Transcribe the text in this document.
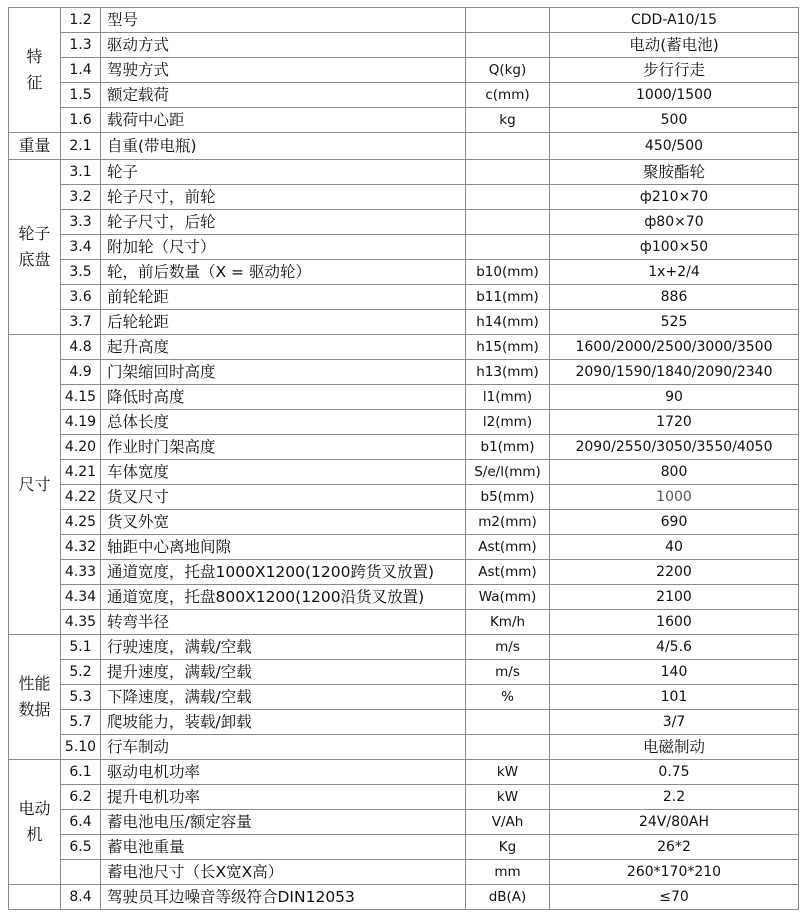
特
征	1.2	型号		CDD-A10/15
	1.3	驱动方式		电动(蓄电池)
	1.4	驾驶方式	Q(kg)	步行行走
	1.5	额定载荷	c(mm)	1000/1500
	1.6	载荷中心距	kg	500
重量	2.1	自重(带电瓶)		450/500
轮子
底盘	3.1	轮子		聚胺酯轮
	3.2	轮子尺寸，前轮		ф210×70
	3.3	轮子尺寸，后轮		ф80×70
	3.4	附加轮（尺寸）		ф100×50
	3.5	轮，前后数量（X = 驱动轮）	b10(mm)	1x+2/4
	3.6	前轮轮距	b11(mm)	886
	3.7	后轮轮距	h14(mm)	525
尺寸	4.8	起升高度	h15(mm)	1600/2000/2500/3000/3500
	4.9	门架缩回时高度	h13(mm)	2090/1590/1840/2090/2340
	4.15	降低时高度	l1(mm)	90
	4.19	总体长度	l2(mm)	1720
	4.20	作业时门架高度	b1(mm)	2090/2550/3050/3550/4050
	4.21	车体宽度	S/e/l(mm)	800
	4.22	货叉尺寸	b5(mm)	1000
	4.25	货叉外宽	m2(mm)	690
	4.32	轴距中心离地间隙	Ast(mm)	40
	4.33	通道宽度，托盘1000X1200(1200跨货叉放置)	Ast(mm)	2200
	4.34	通道宽度，托盘800X1200(1200沿货叉放置)	Wa(mm)	2100
	4.35	转弯半径	Km/h	1600
性能
数据	5.1	行驶速度，满载/空载	m/s	4/5.6
	5.2	提升速度，满载/空载	m/s	140
	5.3	下降速度，满载/空载	%	101
	5.7	爬坡能力，装载/卸载		3/7
	5.10	行车制动		电磁制动
电动
机	6.1	驱动电机功率	kW	0.75
	6.2	提升电机功率	kW	2.2
	6.4	蓄电池电压/额定容量	V/Ah	24V/80AH
	6.5	蓄电池重量	Kg	26*2
		蓄电池尺寸（长X宽X高）	mm	260*170*210
	8.4	驾驶员耳边噪音等级符合DIN12053	dB(A)	≤70
